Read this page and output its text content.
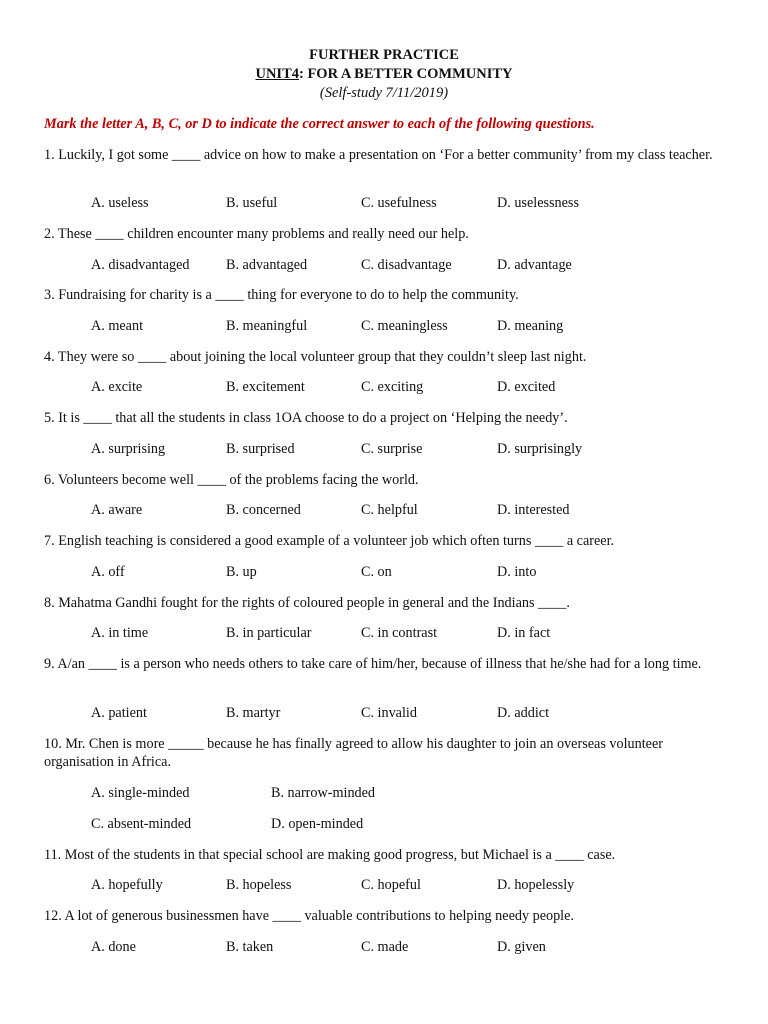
FURTHER PRACTICE
UNIT4: FOR A BETTER COMMUNITY
(Self-study 7/11/2019)
Mark the letter A, B, C, or D to indicate the correct answer to each of the following questions.
1. Luckily, I got some ____ advice on how to make a presentation on ‘For a better community’ from my class teacher.
A. useless	B. useful	C. usefulness	D. uselessness
2. These ____ children encounter many problems and really need our help.
A. disadvantaged	B. advantaged	C. disadvantage	D. advantage
3. Fundraising for charity is a ____ thing for everyone to do to help the community.
A. meant	B. meaningful	C. meaningless	D. meaning
4. They were so ____ about joining the local volunteer group that they couldn’t sleep last night.
A. excite	B. excitement	C. exciting	D. excited
5. It is ____ that all the students in class 1OA choose to do a project on ‘Helping the needy’.
A. surprising	B. surprised	C. surprise	D. surprisingly
6. Volunteers become well ____ of the problems facing the world.
A. aware	B. concerned	C. helpful	D. interested
7. English teaching is considered a good example of a volunteer job which often turns ____ a career.
A. off	B. up	C. on	D. into
8. Mahatma Gandhi fought for the rights of coloured people in general and the Indians ____.
A. in time	B. in particular	C. in contrast	D. in fact
9. A/an ____ is a person who needs others to take care of him/her, because of illness that he/she had for a long time.
A. patient	B. martyr	C. invalid	D. addict
10. Mr. Chen is more _____ because he has finally agreed to allow his daughter to join an overseas volunteer organisation in Africa.
A. single-minded	B. narrow-minded
C. absent-minded	D. open-minded
11. Most of the students in that special school are making good progress, but Michael is a ____ case.
A. hopefully	B. hopeless	C. hopeful	D. hopelessly
12. A lot of generous businessmen have ____ valuable contributions to helping needy people.
A. done	B. taken	C. made	D. given
